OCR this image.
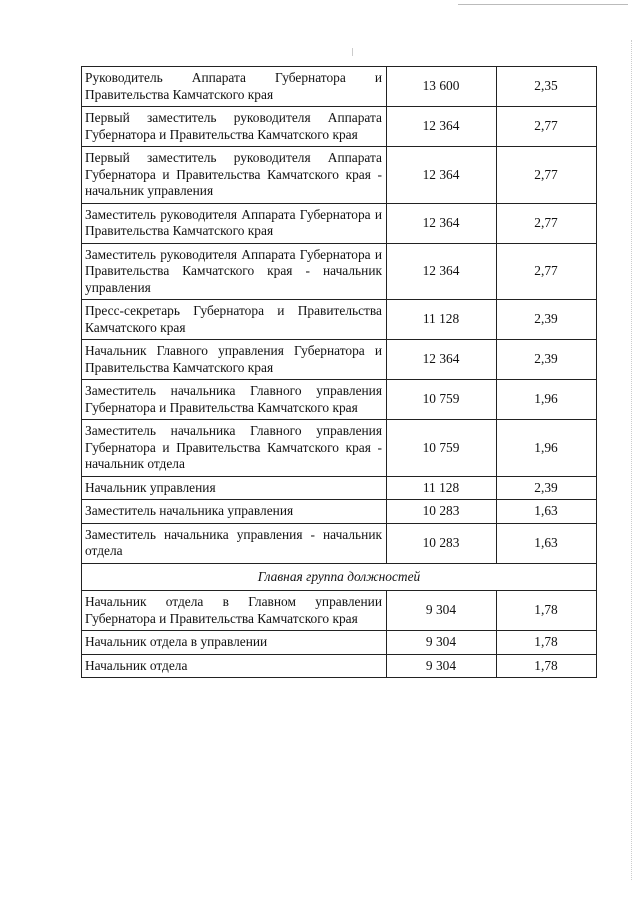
Руководитель Аппарата Губернатора и Правительства Камчатского края	13 600	2,35
Первый заместитель руководителя Аппарата Губернатора и Правительства Камчатского края	12 364	2,77
Первый заместитель руководителя Аппарата Губернатора и Правительства Камчатского края - начальник управления	12 364	2,77
Заместитель руководителя Аппарата Губернатора и Правительства Камчатского края	12 364	2,77
Заместитель руководителя Аппарата Губернатора и Правительства Камчатского края - начальник управления	12 364	2,77
Пресс-секретарь Губернатора и Правительства Камчатского края	11 128	2,39
Начальник Главного управления Губернатора и Правительства Камчатского края	12 364	2,39
Заместитель начальника Главного управления Губернатора и Правительства Камчатского края	10 759	1,96
Заместитель начальника Главного управления Губернатора и Правительства Камчатского края - начальник отдела	10 759	1,96
Начальник управления	11 128	2,39
Заместитель начальника управления	10 283	1,63
Заместитель начальника управления - начальник отдела	10 283	1,63
Главная группа должностей		
Начальник отдела в Главном управлении Губернатора и Правительства Камчатского края	9 304	1,78
Начальник отдела в управлении	9 304	1,78
Начальник отдела	9 304	1,78
